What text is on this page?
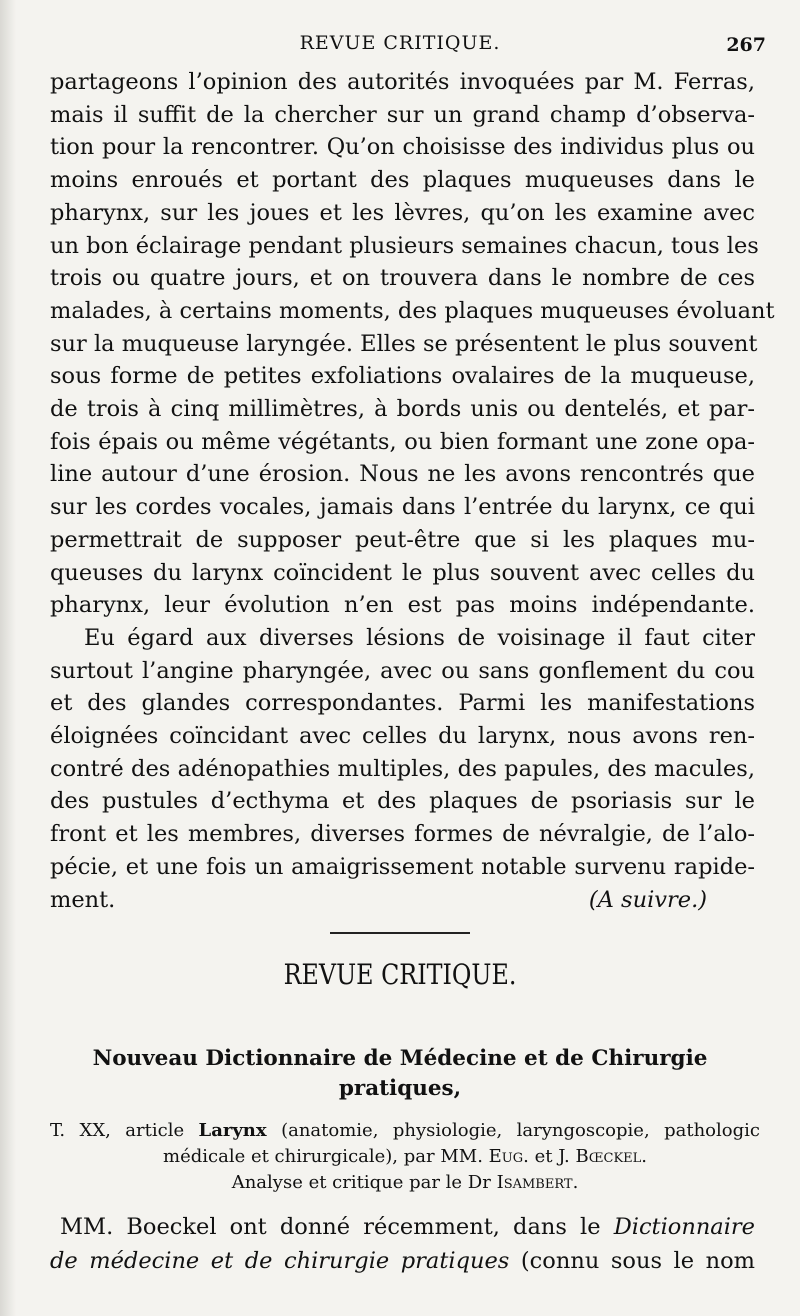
REVUE CRITIQUE.	267

partageons l’opinion des autorités invoquées par M. Ferras,
mais il suffit de la chercher sur un grand champ d’observa-
tion pour la rencontrer. Qu’on choisisse des individus plus ou
moins enroués et portant des plaques muqueuses dans le
pharynx, sur les joues et les lèvres, qu’on les examine avec
un bon éclairage pendant plusieurs semaines chacun, tous les
trois ou quatre jours, et on trouvera dans le nombre de ces
malades, à certains moments, des plaques muqueuses évoluant
sur la muqueuse laryngée. Elles se présentent le plus souvent
sous forme de petites exfoliations ovalaires de la muqueuse,
de trois à cinq millimètres, à bords unis ou dentelés, et par-
fois épais ou même végétants, ou bien formant une zone opa-
line autour d’une érosion. Nous ne les avons rencontrés que
sur les cordes vocales, jamais dans l’entrée du larynx, ce qui
permettrait de supposer peut-être que si les plaques mu-
queuses du larynx coïncident le plus souvent avec celles du
pharynx, leur évolution n’en est pas moins indépendante.

Eu égard aux diverses lésions de voisinage il faut citer
surtout l’angine pharyngée, avec ou sans gonflement du cou
et des glandes correspondantes. Parmi les manifestations
éloignées coïncidant avec celles du larynx, nous avons ren-
contré des adénopathies multiples, des papules, des macules,
des pustules d’ecthyma et des plaques de psoriasis sur le
front et les membres, diverses formes de névralgie, de l’alo-
pécie, et une fois un amaigrissement notable survenu rapide-

ment.	(A suivre.)
REVUE CRITIQUE.
Nouveau Dictionnaire de Médecine et de Chirurgie
pratiques,
T. XX, article Larynx (anatomie, physiologie, laryngoscopie, pathologic
médicale et chirurgicale), par MM. Eug. et J. Bœckel.
Analyse et critique par le Dr Isambert.
MM. Boeckel ont donné récemment, dans le Dictionnaire
de médecine et de chirurgie pratiques (connu sous le nom
